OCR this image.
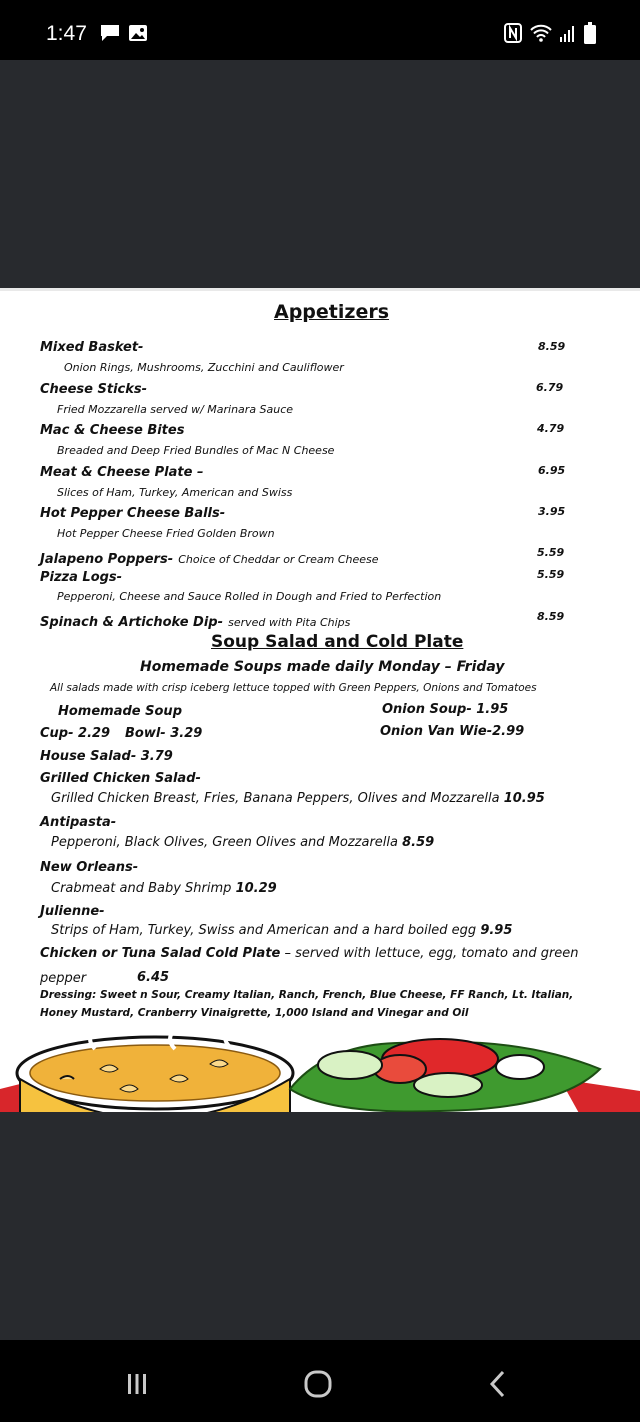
1:47
Appetizers
Mixed Basket-
Onion Rings, Mushrooms, Zucchini and Cauliflower
8.59
Cheese Sticks-
Fried Mozzarella served w/ Marinara Sauce
6.79
Mac & Cheese Bites
Breaded and Deep Fried Bundles of Mac N Cheese
4.79
Meat & Cheese Plate –
Slices of Ham, Turkey, American and Swiss
6.95
Hot Pepper Cheese Balls-
Hot Pepper Cheese Fried Golden Brown
3.95
Jalapeno Poppers- Choice of Cheddar or Cream Cheese
5.59
Pizza Logs-
Pepperoni, Cheese and Sauce Rolled in Dough and Fried to Perfection
5.59
Spinach & Artichoke Dip- served with Pita Chips	8.59
Soup Salad and Cold Plate
Homemade Soups made daily Monday – Friday
All salads made with crisp iceberg lettuce topped with Green Peppers, Onions and Tomatoes
Homemade Soup	Onion Soup- 1.95
Cup- 2.29 Bowl- 3.29	Onion Van Wie-2.99
House Salad- 3.79
Grilled Chicken Salad-
Grilled Chicken Breast, Fries, Banana Peppers, Olives and Mozzarella 10.95
Antipasta-
Pepperoni, Black Olives, Green Olives and Mozzarella 8.59
New Orleans-
Crabmeat and Baby Shrimp 10.29
Julienne-
Strips of Ham, Turkey, Swiss and American and a hard boiled egg 9.95
Chicken or Tuna Salad Cold Plate – served with lettuce, egg, tomato and green
pepper	6.45
Dressing: Sweet n Sour, Creamy Italian, Ranch, French, Blue Cheese, FF Ranch, Lt. Italian,
Honey Mustard, Cranberry Vinaigrette, 1,000 Island and Vinegar and Oil
